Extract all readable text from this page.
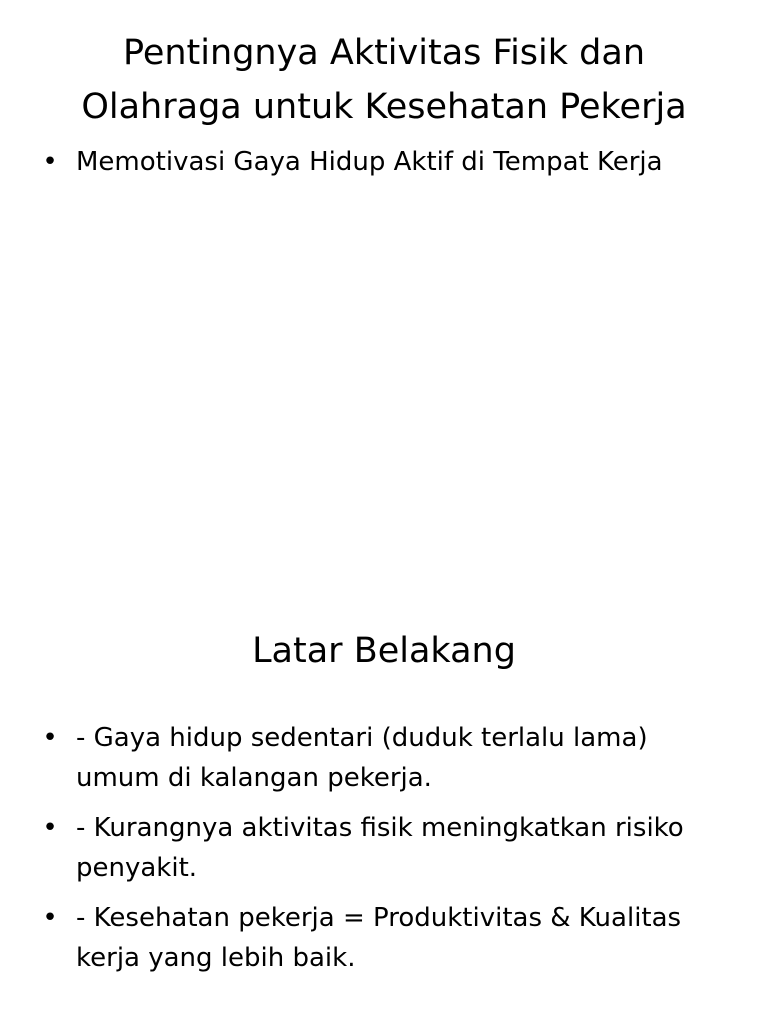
Pentingnya Aktivitas Fisik dan
Olahraga untuk Kesehatan Pekerja
• Memotivasi Gaya Hidup Aktif di Tempat Kerja
Latar Belakang
• - Gaya hidup sedentari (duduk terlalu lama) umum di kalangan pekerja.
• - Kurangnya aktivitas fisik meningkatkan risiko penyakit.
• - Kesehatan pekerja = Produktivitas & Kualitas kerja yang lebih baik.
